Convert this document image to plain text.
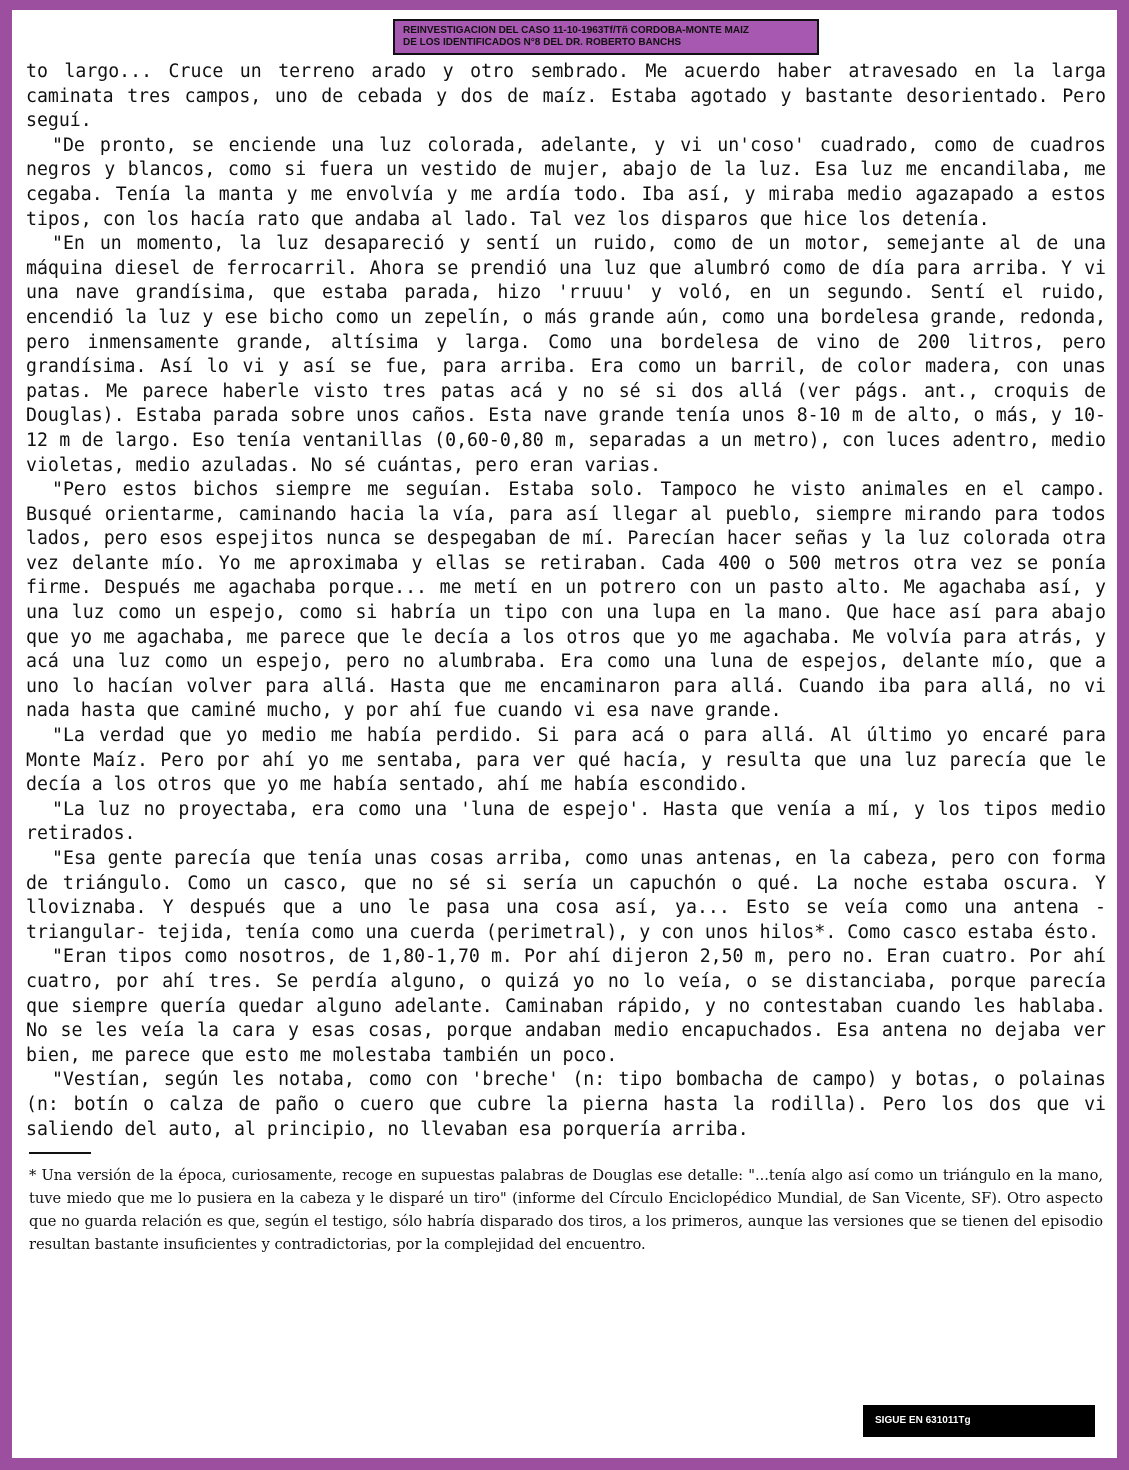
REINVESTIGACION DEL CASO 11-10-1963Tf/Tñ CORDOBA-MONTE MAIZ
DE LOS IDENTIFICADOS N°8 DEL DR. ROBERTO BANCHS

to largo... Cruce un terreno arado y otro sembrado. Me acuerdo haber atravesado en la larga caminata tres campos, uno de cebada y dos de maíz. Estaba agotado y bastante desorientado. Pero seguí.

"De pronto, se enciende una luz colorada, adelante, y vi un'coso' cuadrado, como de cuadros negros y blancos, como si fuera un vestido de mujer, abajo de la luz. Esa luz me encandilaba, me cegaba. Tenía la manta y me envolvía y me ardía todo. Iba así, y miraba medio agazapado a estos tipos, con los hacía rato que andaba al lado. Tal vez los disparos que hice los detenía.

"En un momento, la luz desapareció y sentí un ruido, como de un motor, semejante al de una máquina diesel de ferrocarril. Ahora se prendió una luz que alumbró como de día para arriba. Y vi una nave grandísima, que estaba parada, hizo 'rruuu' y voló, en un segundo. Sentí el ruido, encendió la luz y ese bicho como un zepelín, o más grande aún, como una bordelesa grande, redonda, pero inmensamente grande, altísima y larga. Como una bordelesa de vino de 200 litros, pero grandísima. Así lo vi y así se fue, para arriba. Era como un barril, de color madera, con unas patas. Me parece haberle visto tres patas acá y no sé si dos allá (ver págs. ant., croquis de Douglas). Estaba parada sobre unos caños. Esta nave grande tenía unos 8-10 m de alto, o más, y 10-12 m de largo. Eso tenía ventanillas (0,60-0,80 m, separadas a un metro), con luces adentro, medio violetas, medio azuladas. No sé cuántas, pero eran varias.

"Pero estos bichos siempre me seguían. Estaba solo. Tampoco he visto animales en el campo. Busqué orientarme, caminando hacia la vía, para así llegar al pueblo, siempre mirando para todos lados, pero esos espejitos nunca se despegaban de mí. Parecían hacer señas y la luz colorada otra vez delante mío. Yo me aproximaba y ellas se retiraban. Cada 400 o 500 metros otra vez se ponía firme. Después me agachaba porque... me metí en un potrero con un pasto alto. Me agachaba así, y una luz como un espejo, como si habría un tipo con una lupa en la mano. Que hace así para abajo que yo me agachaba, me parece que le decía a los otros que yo me agachaba. Me volvía para atrás, y acá una luz como un espejo, pero no alumbraba. Era como una luna de espejos, delante mío, que a uno lo hacían volver para allá. Hasta que me encaminaron para allá. Cuando iba para allá, no vi nada hasta que caminé mucho, y por ahí fue cuando vi esa nave grande.

"La verdad que yo medio me había perdido. Si para acá o para allá. Al último yo encaré para Monte Maíz. Pero por ahí yo me sentaba, para ver qué hacía, y resulta que una luz parecía que le decía a los otros que yo me había sentado, ahí me había escondido.

"La luz no proyectaba, era como una 'luna de espejo'. Hasta que venía a mí, y los tipos medio retirados.

"Esa gente parecía que tenía unas cosas arriba, como unas antenas, en la cabeza, pero con forma de triángulo. Como un casco, que no sé si sería un capuchón o qué. La noche estaba oscura. Y lloviznaba. Y después que a uno le pasa una cosa así, ya... Esto se veía como una antena -triangular- tejida, tenía como una cuerda (perimetral), y con unos hilos*. Como casco estaba ésto.

"Eran tipos como nosotros, de 1,80-1,70 m. Por ahí dijeron 2,50 m, pero no. Eran cuatro. Por ahí cuatro, por ahí tres. Se perdía alguno, o quizá yo no lo veía, o se distanciaba, porque parecía que siempre quería quedar alguno adelante. Caminaban rápido, y no contestaban cuando les hablaba. No se les veía la cara y esas cosas, porque andaban medio encapuchados. Esa antena no dejaba ver bien, me parece que esto me molestaba también un poco.

"Vestían, según les notaba, como con 'breche' (n: tipo bombacha de campo) y botas, o polainas (n: botín o calza de paño o cuero que cubre la pierna hasta la rodilla). Pero los dos que vi saliendo del auto, al principio, no llevaban esa porquería arriba.

* Una versión de la época, curiosamente, recoge en supuestas palabras de Douglas ese detalle: "...tenía algo así como un triángulo en la mano, tuve miedo que me lo pusiera en la cabeza y le disparé un tiro" (informe del Círculo Enciclopédico Mundial, de San Vicente, SF). Otro aspecto que no guarda relación es que, según el testigo, sólo habría disparado dos tiros, a los primeros, aunque las versiones que se tienen del episodio resultan bastante insuficientes y contradictorias, por la complejidad del encuentro.

SIGUE EN 631011Tg
